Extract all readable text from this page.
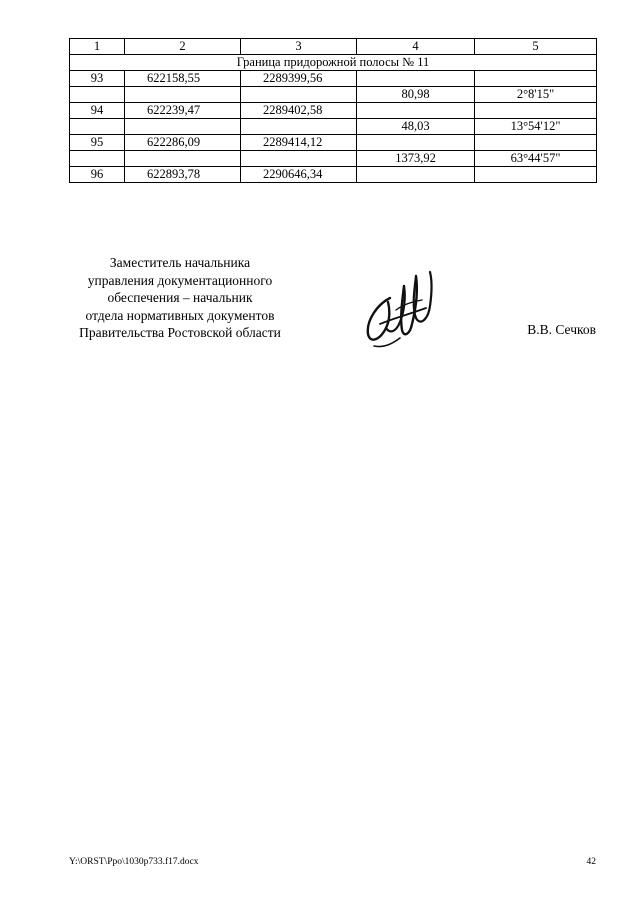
1	2	3	4	5
Граница придорожной полосы № 11				
93	622158,55	2289399,56		
			80,98	2°8'15"
94	622239,47	2289402,58		
			48,03	13°54'12"
95	622286,09	2289414,12		
			1373,92	63°44'57"
96	622893,78	2290646,34		
Заместитель начальника
управления документационного
обеспечения – начальник
отдела нормативных документов
Правительства Ростовской области	В.В. Сечков
Y:\ORST\Ppo\1030p733.f17.docx	42
